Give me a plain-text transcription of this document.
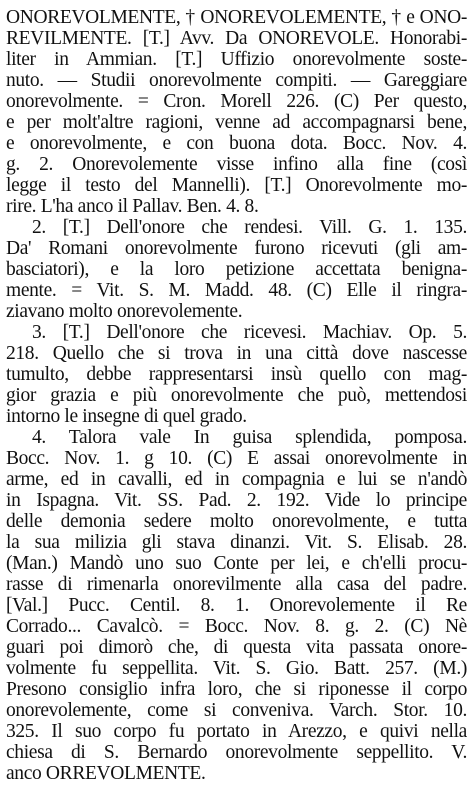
ONOREVOLMENTE, † ONOREVOLEMENTE, † e ONO-
REVILMENTE. [T.] Avv. Da ONOREVOLE. Honorabi-
liter in Ammian. [T.] Uffizio onorevolmente soste-
nuto. — Studii onorevolmente compiti. — Gareggiare
onorevolmente. = Cron. Morell 226. (C) Per questo,
e per molt'altre ragioni, venne ad accompagnarsi bene,
e onorevolmente, e con buona dota. Bocc. Nov. 4.
g. 2. Onorevolemente visse infino alla fine (così
legge il testo del Mannelli). [T.] Onorevolmente mo-
rire. L'ha anco il Pallav. Ben. 4. 8.
2. [T.] Dell'onore che rendesi. Vill. G. 1. 135.
Da' Romani onorevolmente furono ricevuti (gli am-
basciatori), e la loro petizione accettata benigna-
mente. = Vit. S. M. Madd. 48. (C) Elle il ringra-
ziavano molto onorevolemente.
3. [T.] Dell'onore che ricevesi. Machiav. Op. 5.
218. Quello che si trova in una città dove nascesse
tumulto, debbe rappresentarsi insù quello con mag-
gior grazia e più onorevolmente che può, mettendosi
intorno le insegne di quel grado.
4. Talora vale In guisa splendida, pomposa.
Bocc. Nov. 1. g 10. (C) E assai onorevolmente in
arme, ed in cavalli, ed in compagnia e lui se n'andò
in Ispagna. Vit. SS. Pad. 2. 192. Vide lo principe
delle demonia sedere molto onorevolmente, e tutta
la sua milizia gli stava dinanzi. Vit. S. Elisab. 28.
(Man.) Mandò uno suo Conte per lei, e ch'elli procu-
rasse di rimenarla onorevilmente alla casa del padre.
[Val.] Pucc. Centil. 8. 1. Onorevolemente il Re
Corrado... Cavalcò. = Bocc. Nov. 8. g. 2. (C) Nè
guari poi dimorò che, di questa vita passata onore-
volmente fu seppellita. Vit. S. Gio. Batt. 257. (M.)
Presono consiglio infra loro, che si riponesse il corpo
onorevolemente, come si conveniva. Varch. Stor. 10.
325. Il suo corpo fu portato in Arezzo, e quivi nella
chiesa di S. Bernardo onorevolmente seppellito. V.
anco ORREVOLMENTE.
